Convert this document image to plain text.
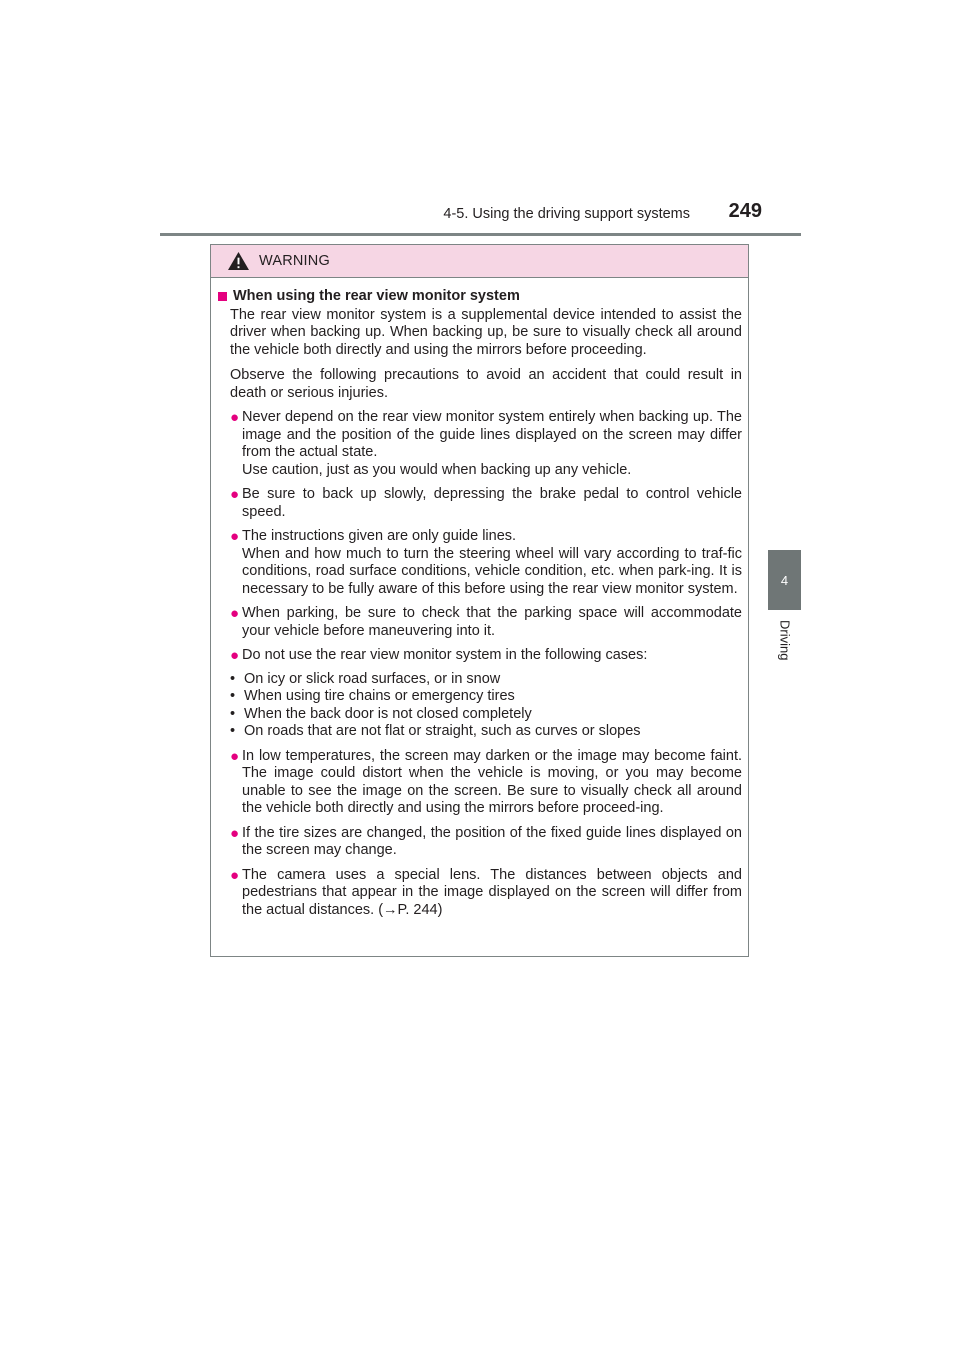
4-5. Using the driving support systems	249
4
Driving
WARNING
When using the rear view monitor system

The rear view monitor system is a supplemental device intended to assist the driver when backing up. When backing up, be sure to visually check all around the vehicle both directly and using the mirrors before proceeding.

Observe the following precautions to avoid an accident that could result in death or serious injuries.

● Never depend on the rear view monitor system entirely when backing up. The image and the position of the guide lines displayed on the screen may differ from the actual state.
Use caution, just as you would when backing up any vehicle.
● Be sure to back up slowly, depressing the brake pedal to control vehicle speed.
● The instructions given are only guide lines.
When and how much to turn the steering wheel will vary according to traf-fic conditions, road surface conditions, vehicle condition, etc. when park-ing. It is necessary to be fully aware of this before using the rear view monitor system.
● When parking, be sure to check that the parking space will accommodate your vehicle before maneuvering into it.
● Do not use the rear view monitor system in the following cases:
• On icy or slick road surfaces, or in snow
• When using tire chains or emergency tires
• When the back door is not closed completely
• On roads that are not flat or straight, such as curves or slopes
● In low temperatures, the screen may darken or the image may become faint. The image could distort when the vehicle is moving, or you may become unable to see the image on the screen. Be sure to visually check all around the vehicle both directly and using the mirrors before proceed-ing.
● If the tire sizes are changed, the position of the fixed guide lines displayed on the screen may change.
● The camera uses a special lens. The distances between objects and pedestrians that appear in the image displayed on the screen will differ from the actual distances. (→P. 244)
